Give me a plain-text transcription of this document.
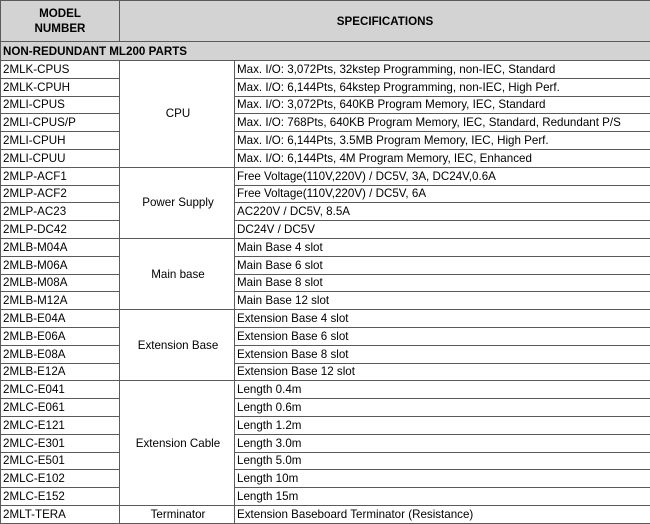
MODEL
NUMBER	SPECIFICATIONS	
NON-REDUNDANT ML200 PARTS		
2MLK-CPUS	CPU	Max. I/O: 3,072Pts, 32kstep Programming, non-IEC, Standard
2MLK-CPUH		Max. I/O: 6,144Pts, 64kstep Programming, non-IEC, High Perf.
2MLI-CPUS		Max. I/O: 3,072Pts, 640KB Program Memory, IEC, Standard
2MLI-CPUS/P		Max. I/O: 768Pts, 640KB Program Memory, IEC, Standard, Redundant P/S
2MLI-CPUH		Max. I/O: 6,144Pts, 3.5MB Program Memory, IEC, High Perf.
2MLI-CPUU		Max. I/O: 6,144Pts, 4M Program Memory, IEC, Enhanced
2MLP-ACF1	Power Supply	Free Voltage(110V,220V) / DC5V, 3A, DC24V,0.6A
2MLP-ACF2		Free Voltage(110V,220V) / DC5V, 6A
2MLP-AC23		AC220V / DC5V, 8.5A
2MLP-DC42		DC24V / DC5V
2MLB-M04A	Main base	Main Base 4 slot
2MLB-M06A		Main Base 6 slot
2MLB-M08A		Main Base 8 slot
2MLB-M12A		Main Base 12 slot
2MLB-E04A	Extension Base	Extension Base 4 slot
2MLB-E06A		Extension Base 6 slot
2MLB-E08A		Extension Base 8 slot
2MLB-E12A		Extension Base 12 slot
2MLC-E041	Extension Cable	Length 0.4m
2MLC-E061		Length 0.6m
2MLC-E121		Length 1.2m
2MLC-E301		Length 3.0m
2MLC-E501		Length 5.0m
2MLC-E102		Length 10m
2MLC-E152		Length 15m
2MLT-TERA	Terminator	Extension Baseboard Terminator (Resistance)
